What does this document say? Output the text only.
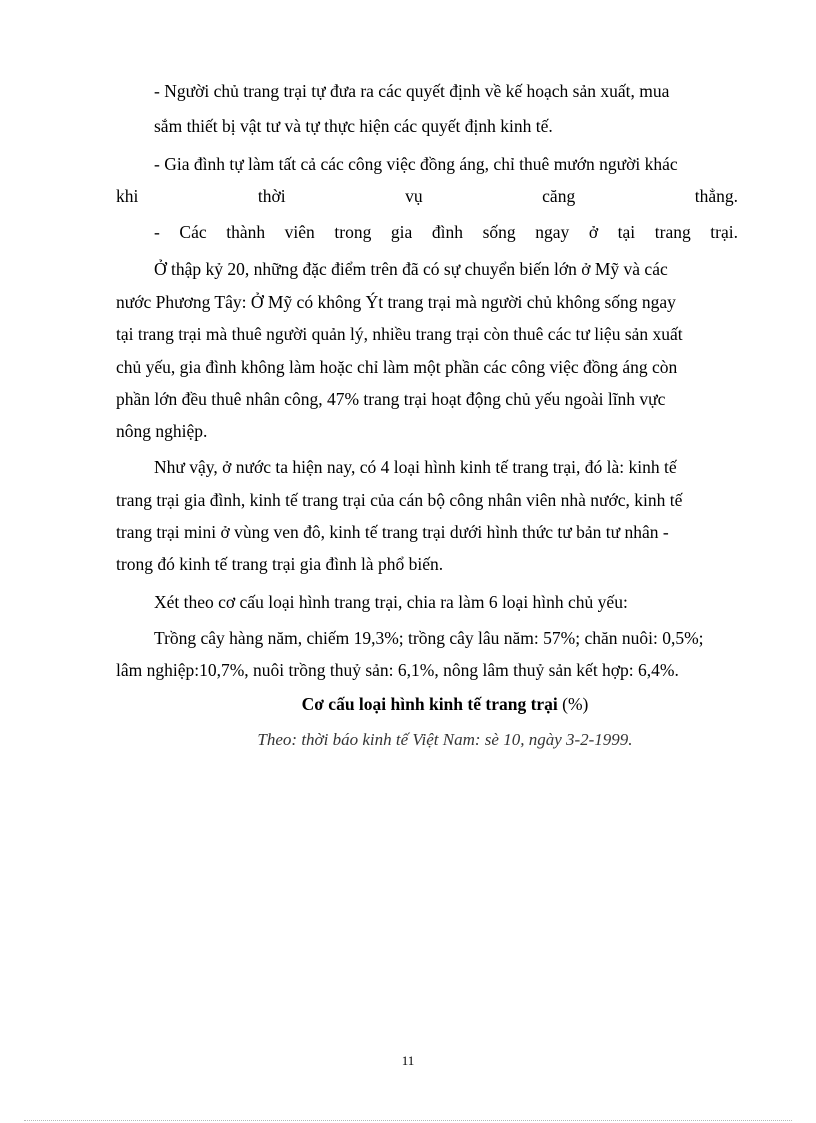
- Người chủ trang trại tự đưa ra các quyết định về kế hoạch sản xuất, mua
sắm thiết bị vật tư và tự thực hiện các quyết định kinh tế.
- Gia đình tự làm tất cả các công việc đồng áng, chỉ thuê mướn người khác
khi	thời	vụ	căng	thẳng.
- Các thành viên trong gia đình sống ngay ở tại trang trại.
Ở thập kỷ 20, những đặc điểm trên đã có sự chuyển biến lớn ở Mỹ và các
nước Phương Tây: Ở Mỹ có không Ýt trang trại mà người chủ không sống ngay
tại trang trại mà thuê người quản lý, nhiều trang trại còn thuê các tư liệu sản xuất
chủ yếu, gia đình không làm hoặc chỉ làm một phần các công việc đồng áng còn
phần lớn đều thuê nhân công, 47% trang trại hoạt động chủ yếu ngoài lĩnh vực
nông nghiệp.
Như vậy, ở nước ta hiện nay, có 4 loại hình kinh tế trang trại, đó là: kinh tế
trang trại gia đình, kinh tế trang trại của cán bộ công nhân viên nhà nước, kinh tế
trang trại mini ở vùng ven đô, kinh tế trang trại dưới hình thức tư bản tư nhân -
trong đó kinh tế trang trại gia đình là phổ biến.
Xét theo cơ cấu loại hình trang trại, chia ra làm 6 loại hình chủ yếu:
Trồng cây hàng năm, chiếm 19,3%; trồng cây lâu năm: 57%; chăn nuôi: 0,5%;
lâm nghiệp:10,7%, nuôi trồng thuỷ sản: 6,1%, nông lâm thuỷ sản kết hợp: 6,4%.
Cơ cấu loại hình kinh tế trang trại (%)
Theo: thời báo kinh tế Việt Nam: sè 10, ngày 3-2-1999.
11
